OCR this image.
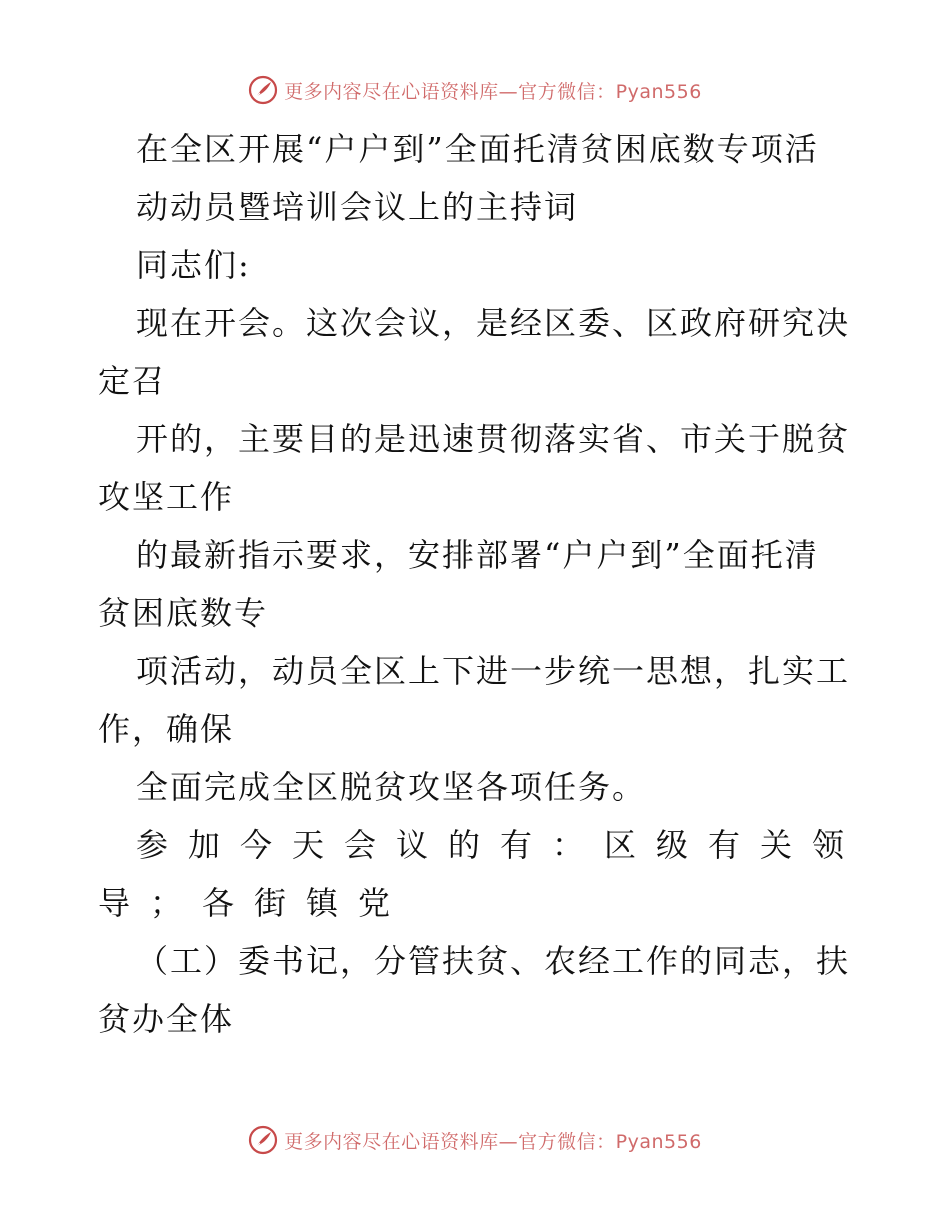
更多内容尽在心语资料库—官方微信：Pyan556
在全区开展“户户到”全面托清贫困底数专项活
动动员暨培训会议上的主持词
同志们:
现在开会。这次会议，是经区委、区政府研究决
定召
开的，主要目的是迅速贯彻落实省、市关于脱贫
攻坚工作
的最新指示要求，安排部署“户户到”全面托清
贫困底数专
项活动，动员全区上下进一步统一思想，扎实工
作，确保
全面完成全区脱贫攻坚各项任务。
参加今天会议的有：区级有关领
导；各街镇党
（工）委书记，分管扶贫、农经工作的同志，扶
贫办全体
更多内容尽在心语资料库—官方微信：Pyan556
